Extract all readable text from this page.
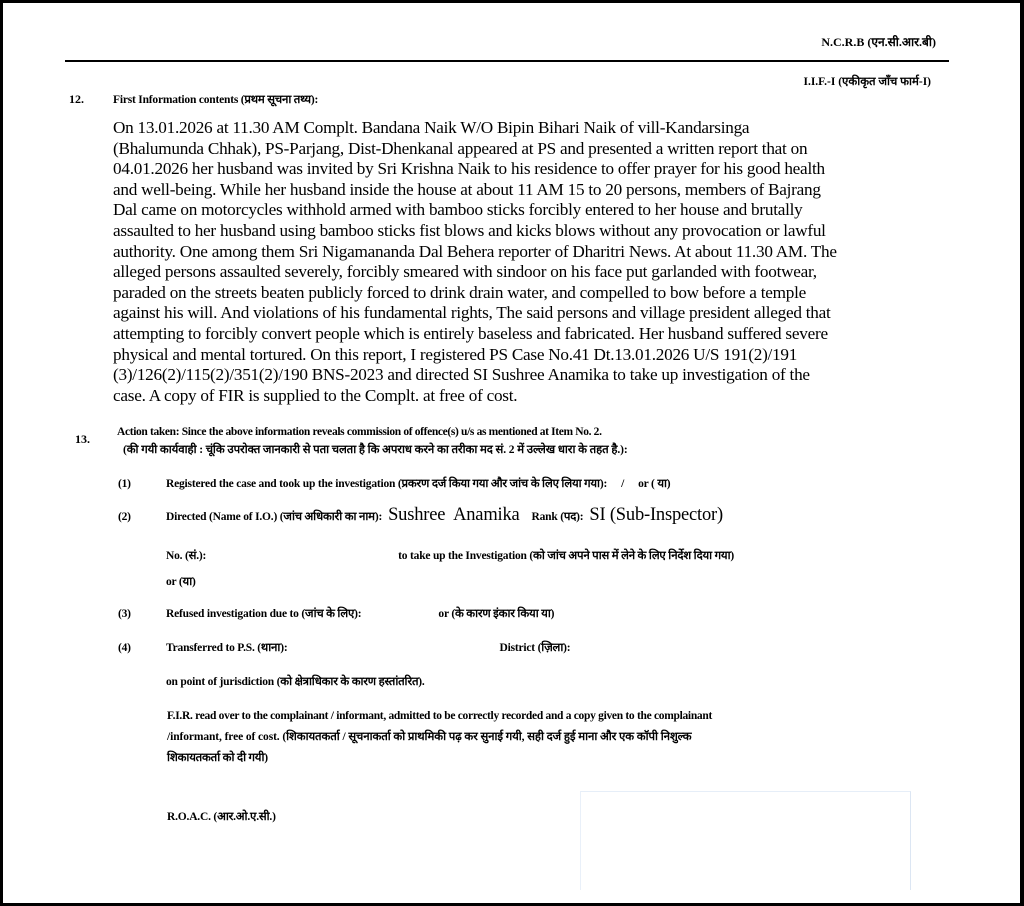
N.C.R.B (एन.सी.आर.बी)
I.I.F.-I (एकीकृत जाँच फार्म-I)
12.	First Information contents (प्रथम सूचना तथ्य):
On 13.01.2026 at 11.30 AM Complt. Bandana Naik W/O Bipin Bihari Naik of vill-Kandarsinga
(Bhalumunda Chhak), PS-Parjang, Dist-Dhenkanal appeared at PS and presented a written report that on
04.01.2026 her husband was invited by Sri Krishna Naik to his residence to offer prayer for his good health
and well-being. While her husband inside the house at about 11 AM 15 to 20 persons, members of Bajrang
Dal came on motorcycles withhold armed with bamboo sticks forcibly entered to her house and brutally
assaulted to her husband using bamboo sticks fist blows and kicks blows without any provocation or lawful
authority. One among them Sri Nigamananda Dal Behera reporter of Dharitri News. At about 11.30 AM. The
alleged persons assaulted severely, forcibly smeared with sindoor on his face put garlanded with footwear,
paraded on the streets beaten publicly forced to drink drain water, and compelled to bow before a temple
against his will. And violations of his fundamental rights, The said persons and village president alleged that
attempting to forcibly convert people which is entirely baseless and fabricated. Her husband suffered severe
physical and mental tortured. On this report, I registered PS Case No.41 Dt.13.01.2026 U/S 191(2)/191
(3)/126(2)/115(2)/351(2)/190 BNS-2023 and directed SI Sushree Anamika to take up investigation of the
case. A copy of FIR is supplied to the Complt. at free of cost.
13.	Action taken: Since the above information reveals commission of offence(s) u/s as mentioned at Item No. 2.
(की गयी कार्यवाही : चूंकि उपरोक्त जानकारी से पता चलता है कि अपराध करने का तरीका मद सं. 2 में उल्लेख धारा के तहत है.):
(1)	Registered the case and took up the investigation (प्रकरण दर्ज किया गया और जांच के लिए लिया गया): / or ( या)
(2)	Directed (Name of I.O.) (जांच अधिकारी का नाम): Sushree  Anamika Rank (पद): SI (Sub-Inspector)
No. (सं.):	to take up the Investigation (को जांच अपने पास में लेने के लिए निर्देश दिया गया)
or (या)
(3)	Refused investigation due to (जांच के लिए):	or (के कारण इंकार किया या)
(4)	Transferred to P.S. (थाना):	District (ज़िला):
on point of jurisdiction (को क्षेत्राधिकार के कारण हस्तांतरित).
F.I.R. read over to the complainant / informant, admitted to be correctly recorded and a copy given to the complainant
/informant, free of cost. (शिकायतकर्ता / सूचनाकर्ता को प्राथमिकी पढ़ कर सुनाई गयी, सही दर्ज हुई माना और एक कॉपी निशुल्क
शिकायतकर्ता को दी गयी)
R.O.A.C. (आर.ओ.ए.सी.)
